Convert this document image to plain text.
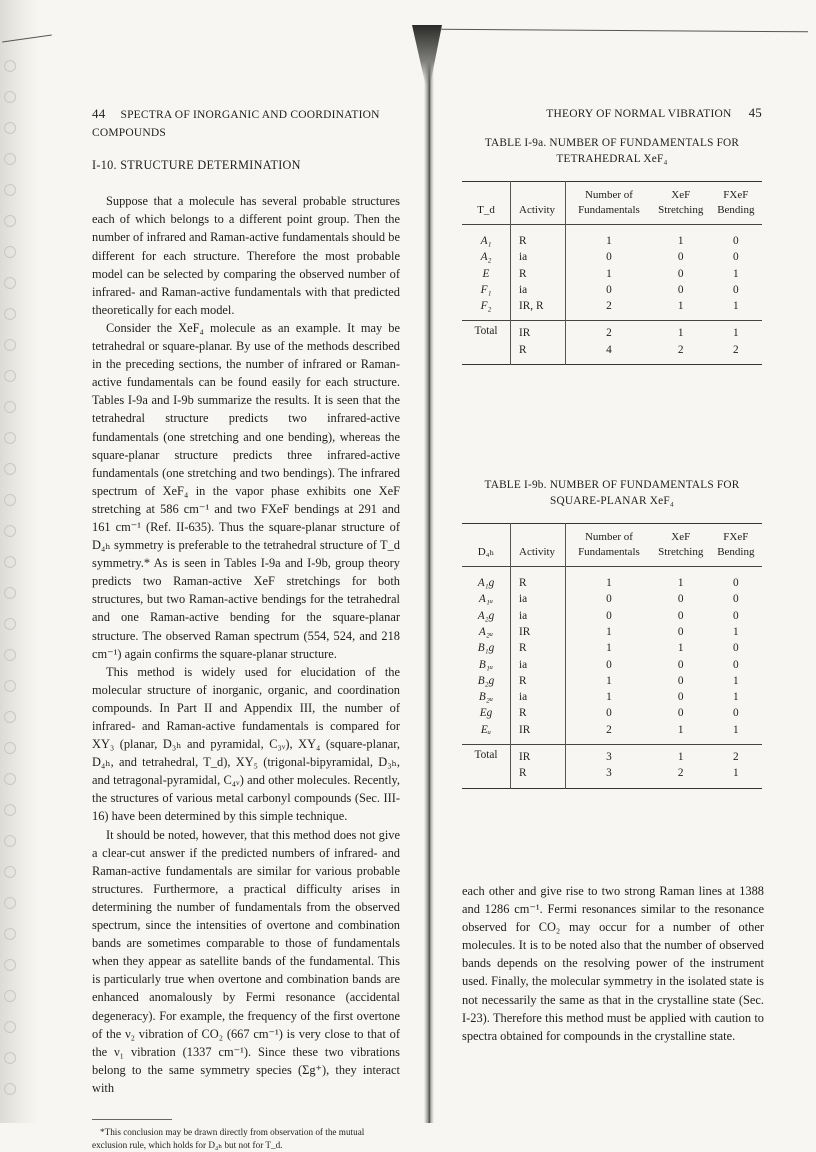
44 SPECTRA OF INORGANIC AND COORDINATION COMPOUNDS
I-10. STRUCTURE DETERMINATION

Suppose that a molecule has several probable structures each of which belongs to a different point group. Then the number of infrared and Raman-active fundamentals should be different for each structure. Therefore the most probable model can be selected by comparing the observed number of infrared- and Raman-active fundamentals with that predicted theoretically for each model.

Consider the XeF₄ molecule as an example. It may be tetrahedral or square-planar. By use of the methods described in the preceding sections, the number of infrared or Raman-active fundamentals can be found easily for each structure. Tables I-9a and I-9b summarize the results. It is seen that the tetrahedral structure predicts two infrared-active fundamentals (one stretching and one bending), whereas the square-planar structure predicts three infrared-active fundamentals (one stretching and two bendings). The infrared spectrum of XeF₄ in the vapor phase exhibits one XeF stretching at 586 cm⁻¹ and two FXeF bendings at 291 and 161 cm⁻¹ (Ref. II-635). Thus the square-planar structure of D₄ₕ symmetry is preferable to the tetrahedral structure of T_d symmetry.* As is seen in Tables I-9a and I-9b, group theory predicts two Raman-active XeF stretchings for both structures, but two Raman-active bendings for the tetrahedral and one Raman-active bending for the square-planar structure. The observed Raman spectrum (554, 524, and 218 cm⁻¹) again confirms the square-planar structure.

This method is widely used for elucidation of the molecular structure of inorganic, organic, and coordination compounds. In Part II and Appendix III, the number of infrared- and Raman-active fundamentals is compared for XY₃ (planar, D₃ₕ and pyramidal, C₃ᵥ), XY₄ (square-planar, D₄ₕ, and tetrahedral, T_d), XY₅ (trigonal-bipyramidal, D₃ₕ, and tetragonal-pyramidal, C₄ᵥ) and other molecules. Recently, the structures of various metal carbonyl compounds (Sec. III-16) have been determined by this simple technique.

It should be noted, however, that this method does not give a clear-cut answer if the predicted numbers of infrared- and Raman-active fundamentals are similar for various probable structures. Furthermore, a practical difficulty arises in determining the number of fundamentals from the observed spectrum, since the intensities of overtone and combination bands are sometimes comparable to those of fundamentals when they appear as satellite bands of the fundamental. This is particularly true when overtone and combination bands are enhanced anomalously by Fermi resonance (accidental degeneracy). For example, the frequency of the first overtone of the ν₂ vibration of CO₂ (667 cm⁻¹) is very close to that of the ν₁ vibration (1337 cm⁻¹). Since these two vibrations belong to the same symmetry species (Σg⁺), they interact with

*This conclusion may be drawn directly from observation of the mutual exclusion rule, which holds for D₄ₕ but not for T_d.
THEORY OF NORMAL VIBRATION 45
TABLE I-9a. NUMBER OF FUNDAMENTALS FOR TETRAHEDRAL XeF₄
T_d	Activity	Number of Fundamentals	XeF Stretching	FXeF Bending
A₁	R	1	1	0
A₂	ia	0	0	0
E	R	1	0	1
F₁	ia	0	0	0
F₂	IR, R	2	1	1
Total	IR	2	1	1
	R	4	2	2
TABLE I-9b. NUMBER OF FUNDAMENTALS FOR SQUARE-PLANAR XeF₄
D₄ₕ	Activity	Number of Fundamentals	XeF Stretching	FXeF Bending
A₁g	R	1	1	0
A₁ᵤ	ia	0	0	0
A₂g	ia	0	0	0
A₂ᵤ	IR	1	0	1
B₁g	R	1	1	0
B₁ᵤ	ia	0	0	0
B₂g	R	1	0	1
B₂ᵤ	ia	1	0	1
Eg	R	0	0	0
Eᵤ	IR	2	1	1
Total	IR	3	1	2
	R	3	2	1
each other and give rise to two strong Raman lines at 1388 and 1286 cm⁻¹. Fermi resonances similar to the resonance observed for CO₂ may occur for a number of other molecules. It is to be noted also that the number of observed bands depends on the resolving power of the instrument used. Finally, the molecular symmetry in the isolated state is not necessarily the same as that in the crystalline state (Sec. I-23). Therefore this method must be applied with caution to spectra obtained for compounds in the crystalline state.
